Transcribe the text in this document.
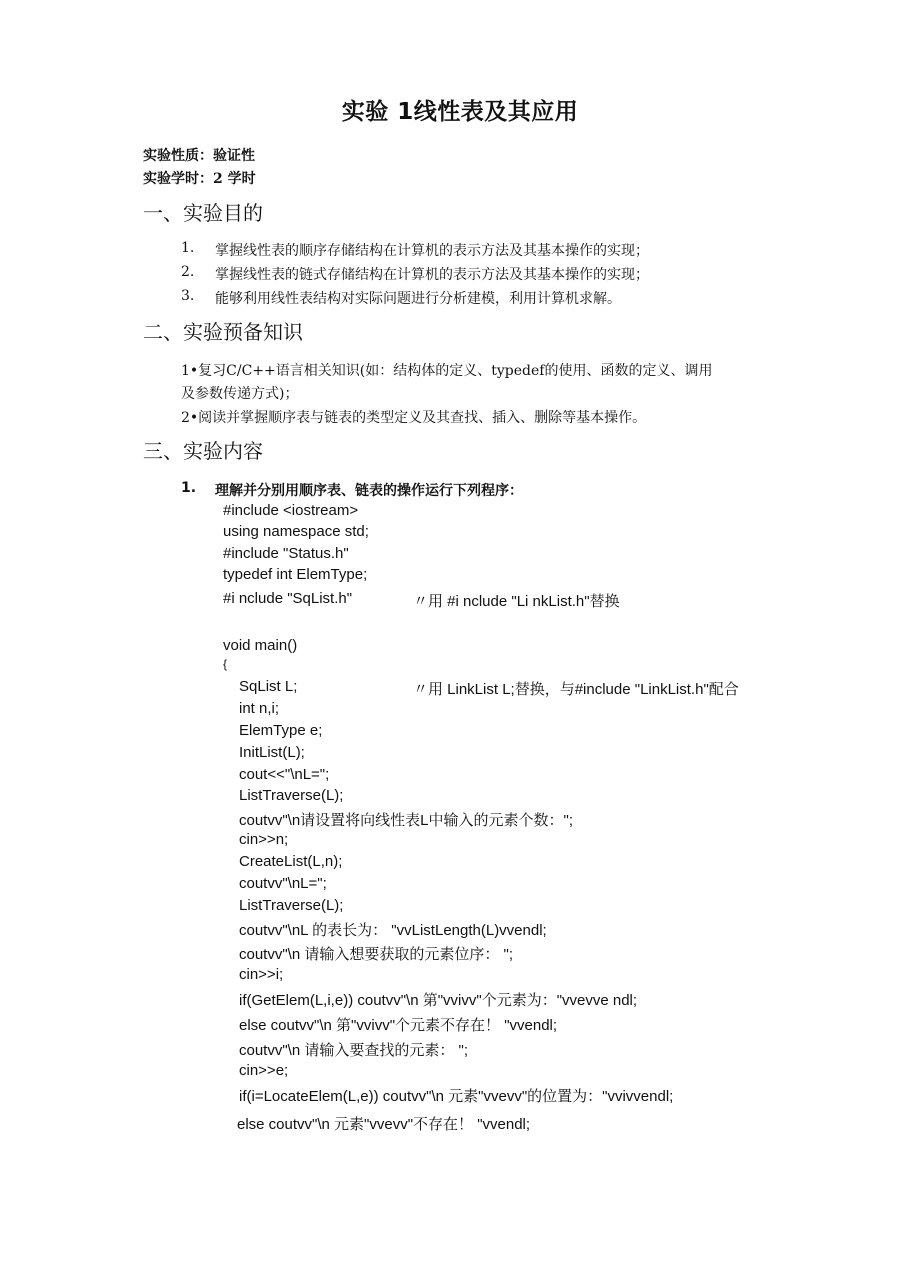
实验 1线性表及其应用
实验性质：验证性
实验学时：2 学时
一、实验目的
1. 掌握线性表的顺序存储结构在计算机的表示方法及其基本操作的实现；
2. 掌握线性表的链式存储结构在计算机的表示方法及其基本操作的实现；
3. 能够利用线性表结构对实际问题进行分析建模，利用计算机求解。
二、实验预备知识
1•复习C/C++语言相关知识(如：结构体的定义、typedef的使用、函数的定义、调用
及参数传递方式)；
2•阅读并掌握顺序表与链表的类型定义及其查找、插入、删除等基本操作。
三、实验内容
1. 理解并分别用顺序表、链表的操作运行下列程序：
#include <iostream>
using namespace std;
#include "Status.h"
typedef int ElemType;
#i nclude "SqList.h"	〃用 #i nclude "Li nkList.h"替换
void main()
{
SqList L;	〃用 LinkList L;替换，与#include "LinkList.h"配合
int n,i;
ElemType e;
InitList(L);
cout<<"\nL=";
ListTraverse(L);
coutvv"\n请设置将向线性表L中输入的元素个数：";
cin>>n;
CreateList(L,n);
coutvv"\nL=";
ListTraverse(L);
coutvv"\nL 的表长为： "vvListLength(L)vvendl;
coutvv"\n 请输入想要获取的元素位序： ";
cin>>i;
if(GetElem(L,i,e)) coutvv"\n 第"vvivv"个元素为："vvevve ndl;
else coutvv"\n 第"vvivv"个元素不存在！ "vvendl;
coutvv"\n 请输入要查找的元素： ";
cin>>e;
if(i=LocateElem(L,e)) coutvv"\n 元素"vvevv"的位置为："vvivvendl;
else coutvv"\n 元素"vvevv"不存在！ "vvendl;
